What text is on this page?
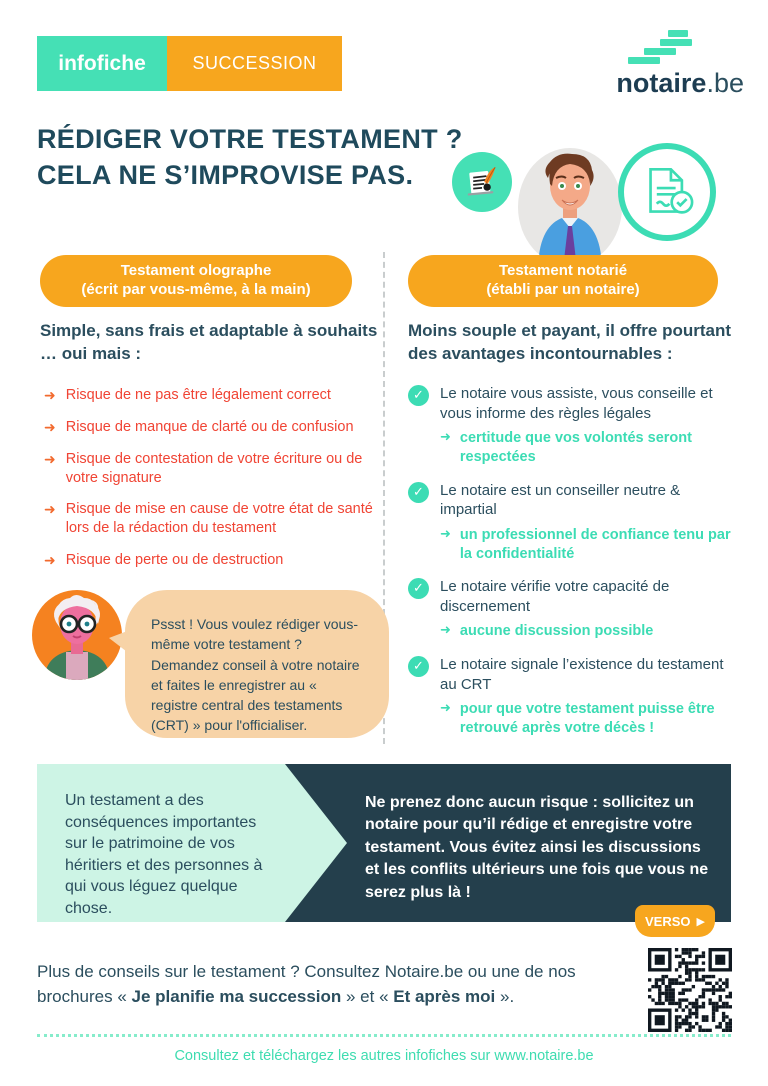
infofiche	SUCCESSION
notaire.be
RÉDIGER VOTRE TESTAMENT ?
CELA NE S’IMPROVISE PAS.
Testament olographe
(écrit par vous-même, à la main)
Testament notarié
(établi par un notaire)
Simple, sans frais et adaptable à souhaits … oui mais :
Moins souple et payant, il offre pourtant des avantages incontournables :
➜ Risque de ne pas être légalement correct
➜ Risque de manque de clarté ou de confusion
➜ Risque de contestation de votre écriture ou de votre signature
➜ Risque de mise en cause de votre état de santé lors de la rédaction du testament
➜ Risque de perte ou de destruction
✓	Le notaire vous assiste, vous conseille et vous informe des règles légales
➜ certitude que vos volontés seront respectées
✓	Le notaire est un conseiller neutre & impartial
➜ un professionnel de confiance tenu par la confidentialité
✓	Le notaire vérifie votre capacité de discernement
➜ aucune discussion possible
✓	Le notaire signale l’existence du testament au CRT
➜ pour que votre testament puisse être retrouvé après votre décès !
Pssst ! Vous voulez rédiger vous-même votre testament ? Demandez conseil à votre notaire et faites le enregistrer au « registre central des testaments (CRT) » pour l'officialiser.
Ne prenez donc aucun risque : sollicitez un notaire pour qu’il rédige et enregistre votre testament. Vous évitez ainsi les discussions et les conflits ultérieurs une fois que vous ne serez plus là !
Un testament a des conséquences importantes sur le patrimoine de vos héritiers et des personnes à qui vous léguez quelque chose.
VERSO ▶
Plus de conseils sur le testament ? Consultez Notaire.be ou une de nos brochures « Je planifie ma succession » et « Et après moi ».
Consultez et téléchargez les autres infofiches sur www.notaire.be
